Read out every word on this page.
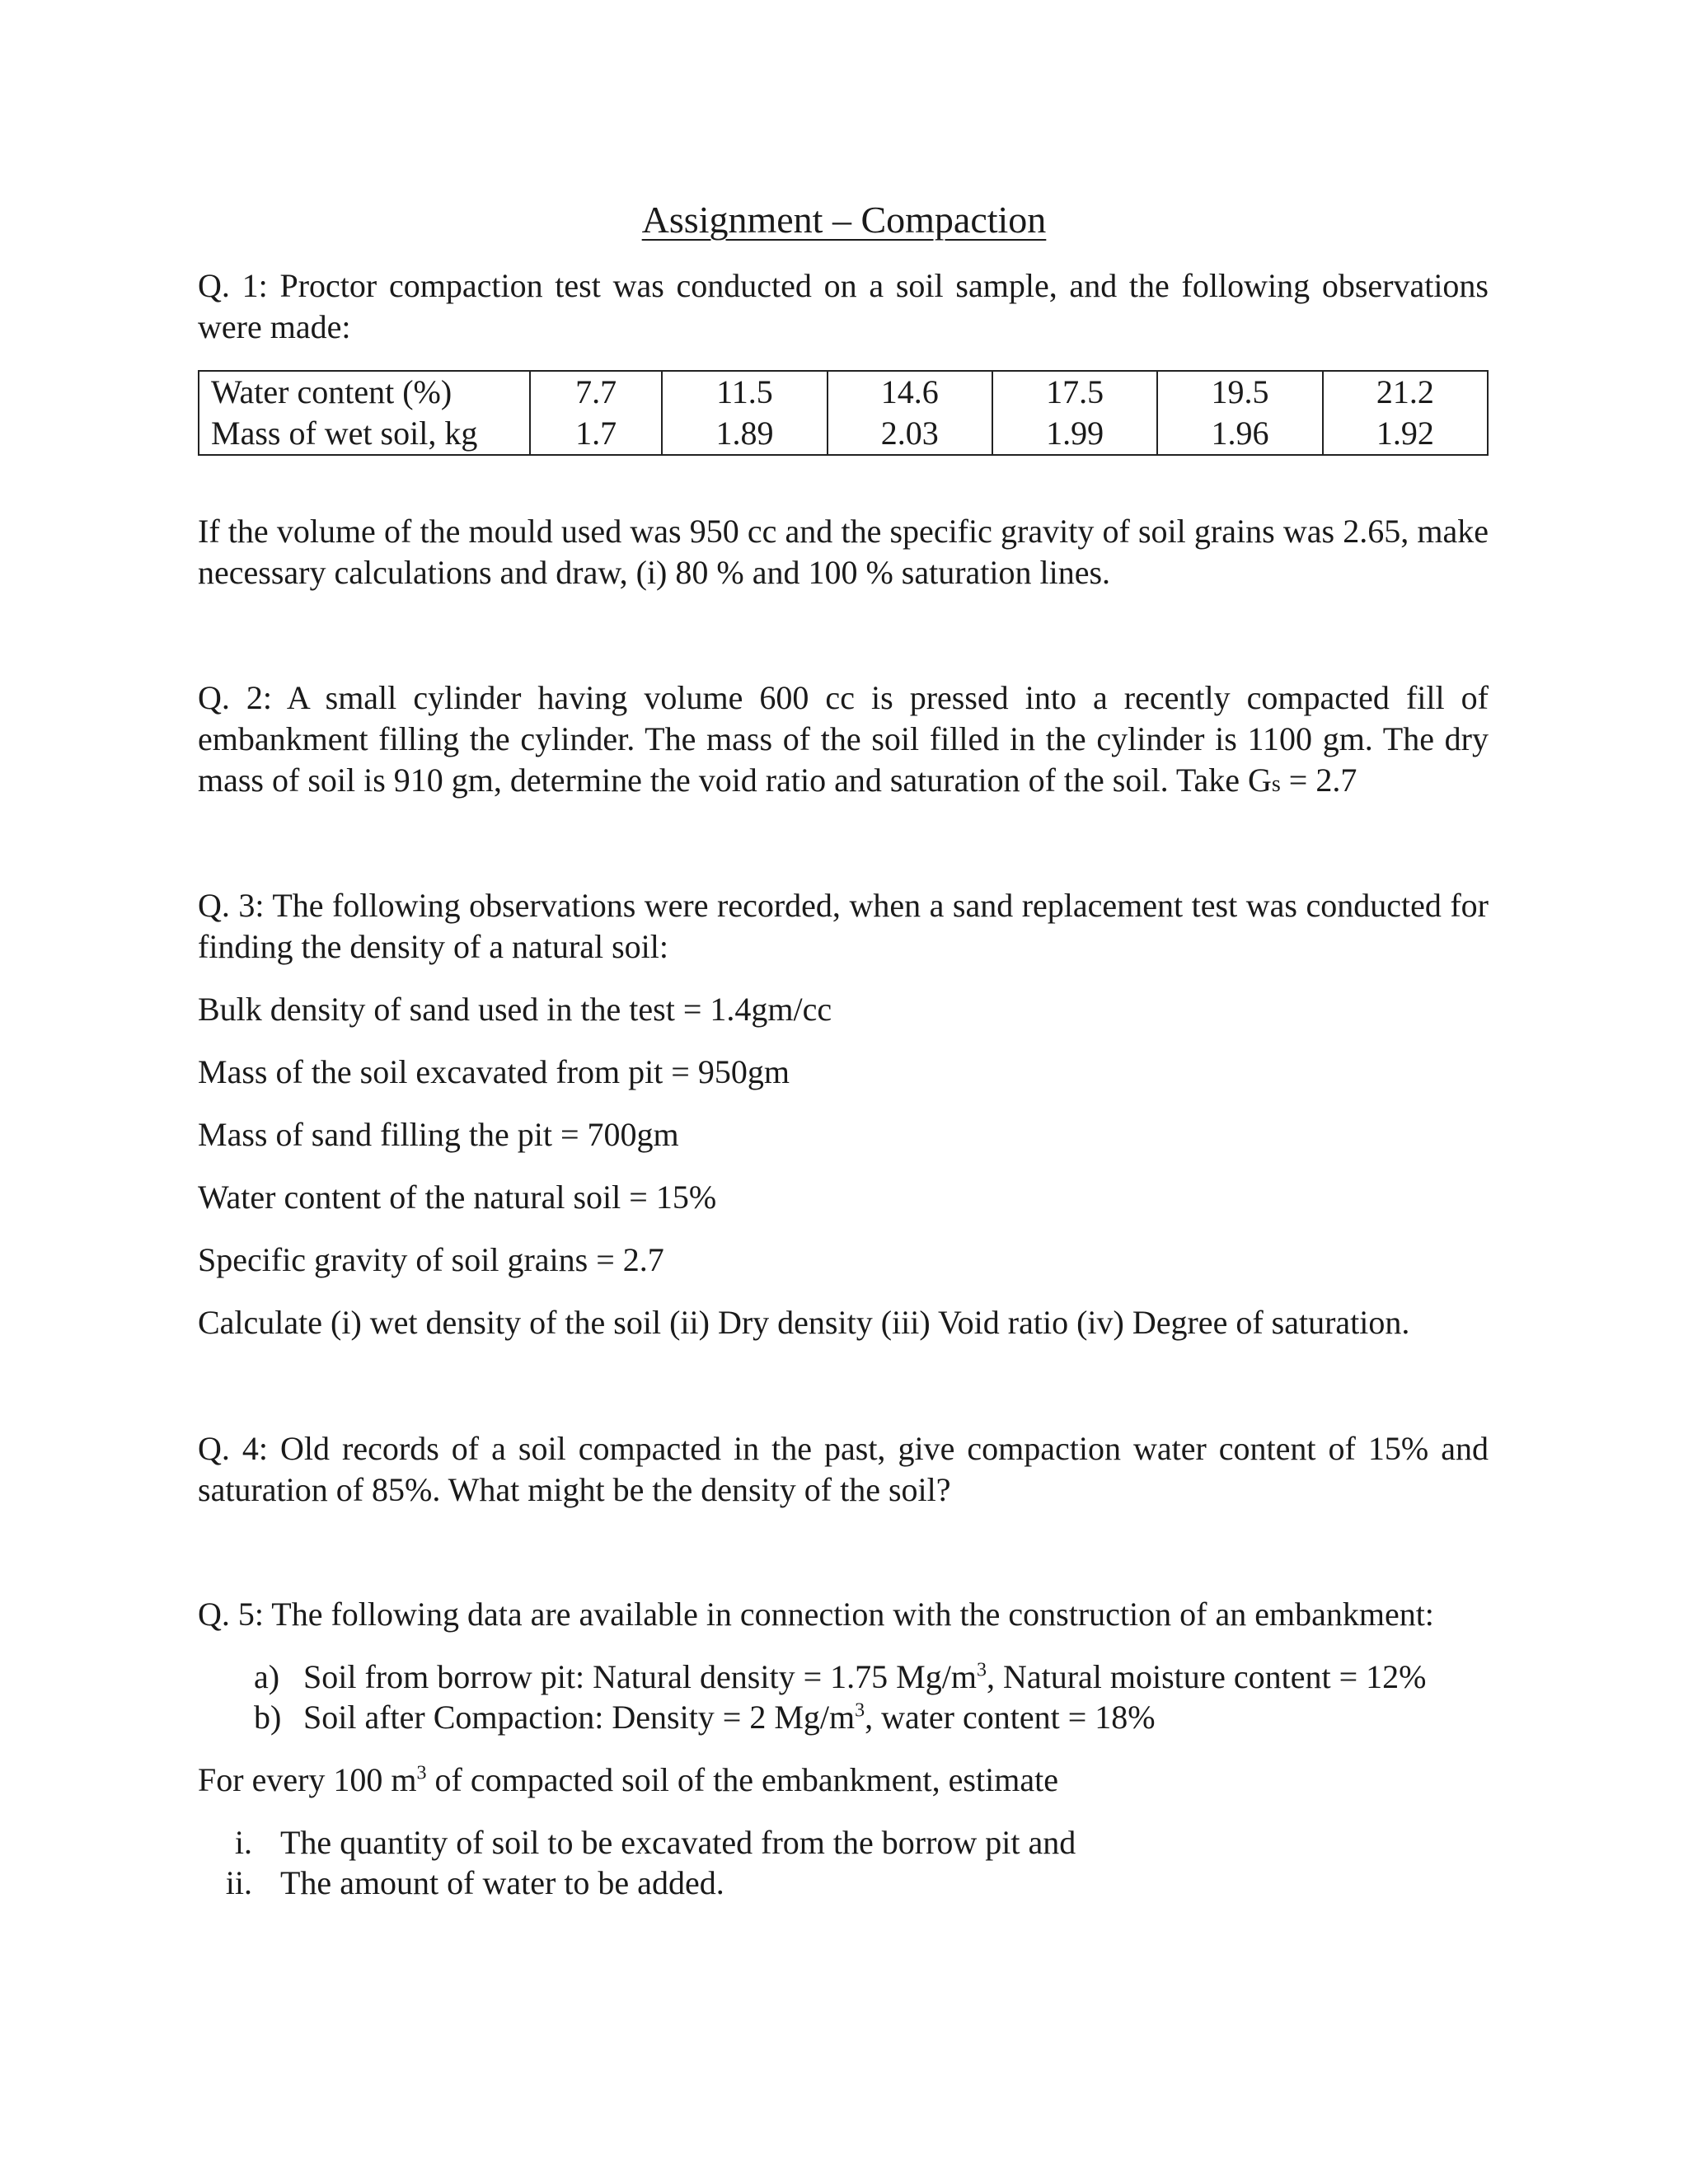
Assignment – Compaction
Q. 1: Proctor compaction test was conducted on a soil sample, and the following observations were made:
Water content (%)	7.7	11.5	14.6	17.5	19.5	21.2
Mass of wet soil, kg	1.7	1.89	2.03	1.99	1.96	1.92
If the volume of the mould used was 950 cc and the specific gravity of soil grains was 2.65, make necessary calculations and draw, (i) 80 % and 100 % saturation lines.
Q. 2: A small cylinder having volume 600 cc is pressed into a recently compacted fill of embankment filling the cylinder. The mass of the soil filled in the cylinder is 1100 gm. The dry mass of soil is 910 gm, determine the void ratio and saturation of the soil. Take Gs = 2.7
Q. 3: The following observations were recorded, when a sand replacement test was conducted for finding the density of a natural soil:
Bulk density of sand used in the test = 1.4gm/cc
Mass of the soil excavated from pit = 950gm
Mass of sand filling the pit = 700gm
Water content of the natural soil = 15%
Specific gravity of soil grains = 2.7
Calculate (i) wet density of the soil (ii) Dry density (iii) Void ratio (iv) Degree of saturation.
Q. 4: Old records of a soil compacted in the past, give compaction water content of 15% and saturation of 85%. What might be the density of the soil?
Q. 5: The following data are available in connection with the construction of an embankment:
a) Soil from borrow pit: Natural density = 1.75 $Mg/m^3$, Natural moisture content = 12%
b) Soil after Compaction: Density = 2 $Mg/m^3$, water content = 18%
For every 100 $m^3$ of compacted soil of the embankment, estimate
i. The quantity of soil to be excavated from the borrow pit and
ii. The amount of water to be added.
